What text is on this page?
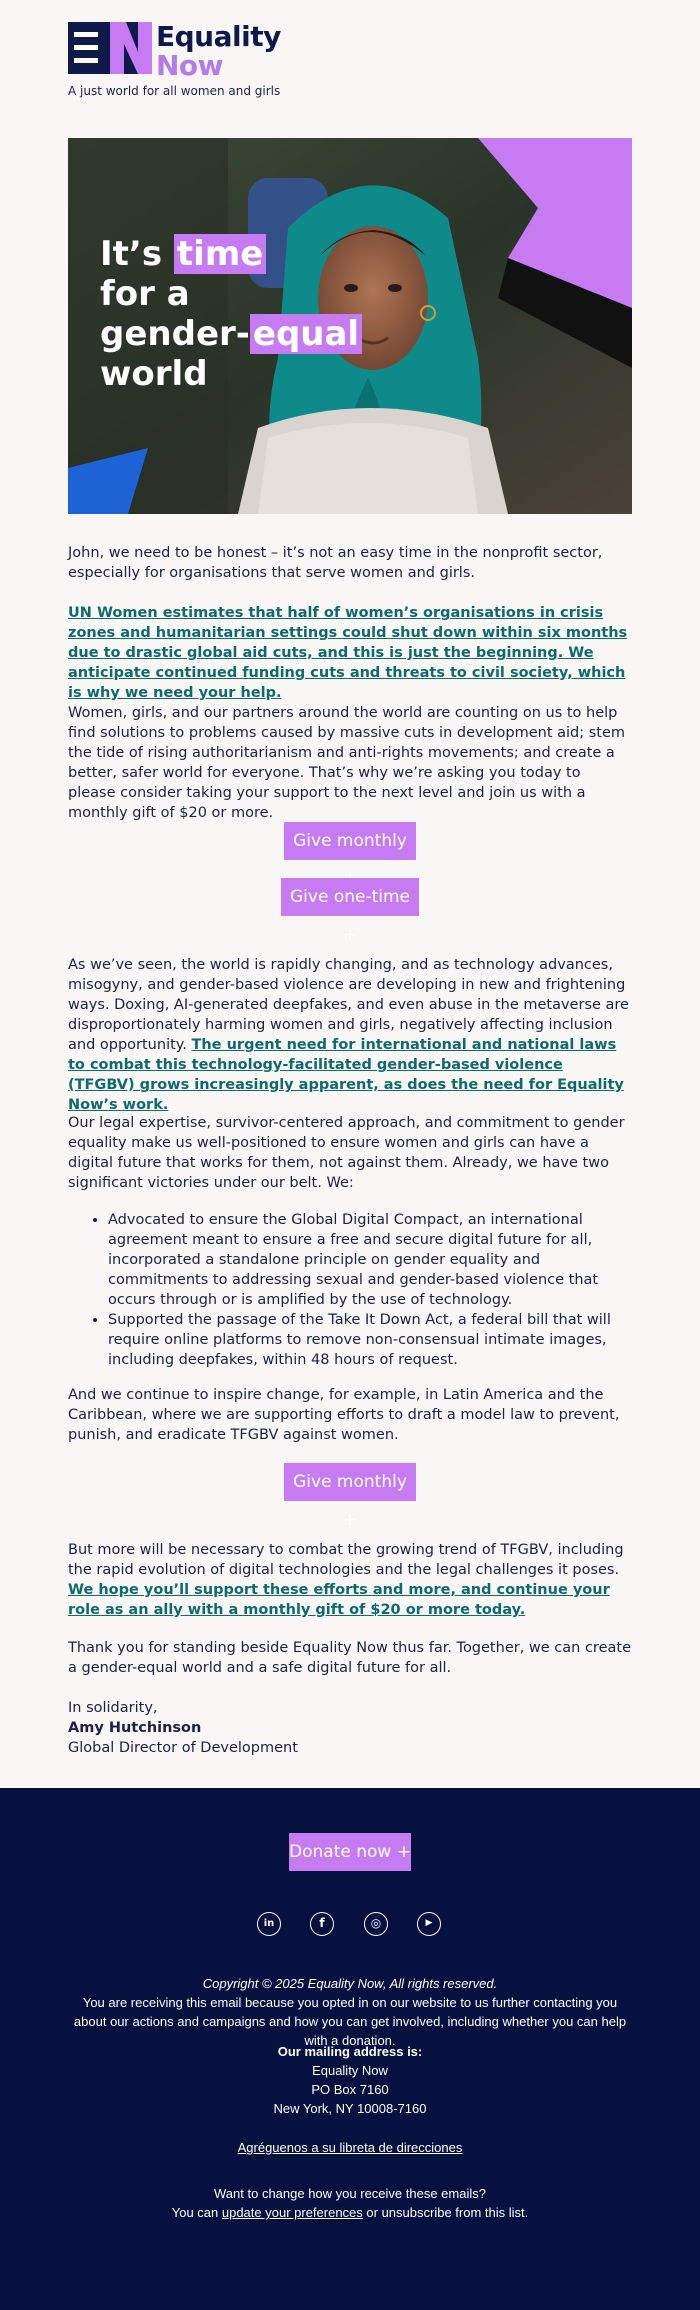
Equality
Now
A just world for all women and girls
It’s time
for a
gender-equal
world

John, we need to be honest – it’s not an easy time in the nonprofit sector, especially for organisations that serve women and girls.

UN Women estimates that half of women’s organisations in crisis zones and humanitarian settings could shut down within six months due to drastic global aid cuts, and this is just the beginning. We anticipate continued funding cuts and threats to civil society, which is why we need your help.

Women, girls, and our partners around the world are counting on us to help find solutions to problems caused by massive cuts in development aid; stem the tide of rising authoritarianism and anti-rights movements; and create a better, safer world for everyone. That’s why we’re asking you today to please consider taking your support to the next level and join us with a monthly gift of $20 or more.

Give monthly
Give one-time +

As we’ve seen, the world is rapidly changing, and as technology advances, misogyny, and gender-based violence are developing in new and frightening ways. Doxing, AI-generated deepfakes, and even abuse in the metaverse are disproportionately harming women and girls, negatively affecting inclusion and opportunity. The urgent need for international and national laws to combat this technology-facilitated gender-based violence (TFGBV) grows increasingly apparent, as does the need for Equality Now’s work.

Our legal expertise, survivor-centered approach, and commitment to gender equality make us well-positioned to ensure women and girls can have a digital future that works for them, not against them. Already, we have two significant victories under our belt. We:

• Advocated to ensure the Global Digital Compact, an international agreement meant to ensure a free and secure digital future for all, incorporated a standalone principle on gender equality and commitments to addressing sexual and gender-based violence that occurs through or is amplified by the use of technology.
• Supported the passage of the Take It Down Act, a federal bill that will require online platforms to remove non-consensual intimate images, including deepfakes, within 48 hours of request.

And we continue to inspire change, for example, in Latin America and the Caribbean, where we are supporting efforts to draft a model law to prevent, punish, and eradicate TFGBV against women.

Give monthly +

But more will be necessary to combat the growing trend of TFGBV, including the rapid evolution of digital technologies and the legal challenges it poses. We hope you’ll support these efforts and more, and continue your role as an ally with a monthly gift of $20 or more today.

Thank you for standing beside Equality Now thus far. Together, we can create a gender-equal world and a safe digital future for all.

In solidarity,
Amy Hutchinson
Global Director of Development

Donate now +
in	f	◎	▶
Copyright © 2025 Equality Now, All rights reserved.
You are receiving this email because you opted in on our website to us further contacting you about our actions and campaigns and how you can get involved, including whether you can help with a donation.
Our mailing address is:
Equality Now
PO Box 7160
New York, NY 10008-7160
Agréguenos a su libreta de direcciones
Want to change how you receive these emails?
You can update your preferences or unsubscribe from this list.
